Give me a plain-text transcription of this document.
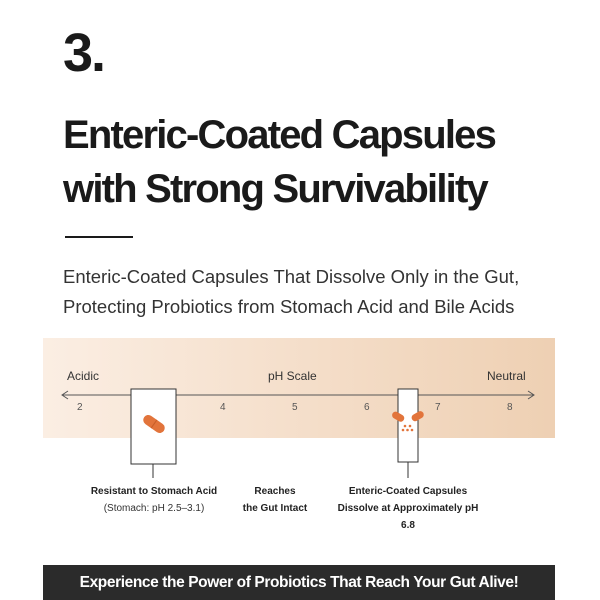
3.
Enteric-Coated Capsules
with Strong Survivability
Enteric-Coated Capsules That Dissolve Only in the Gut,
Protecting Probiotics from Stomach Acid and Bile Acids
Acidic	pH Scale	Neutral
2	4	5	6	7	8
Resistant to Stomach Acid
(Stomach: pH 2.5–3.1)
Reaches
the Gut Intact
Enteric-Coated Capsules
Dissolve at Approximately pH 6.8
Experience the Power of Probiotics That Reach Your Gut Alive!
